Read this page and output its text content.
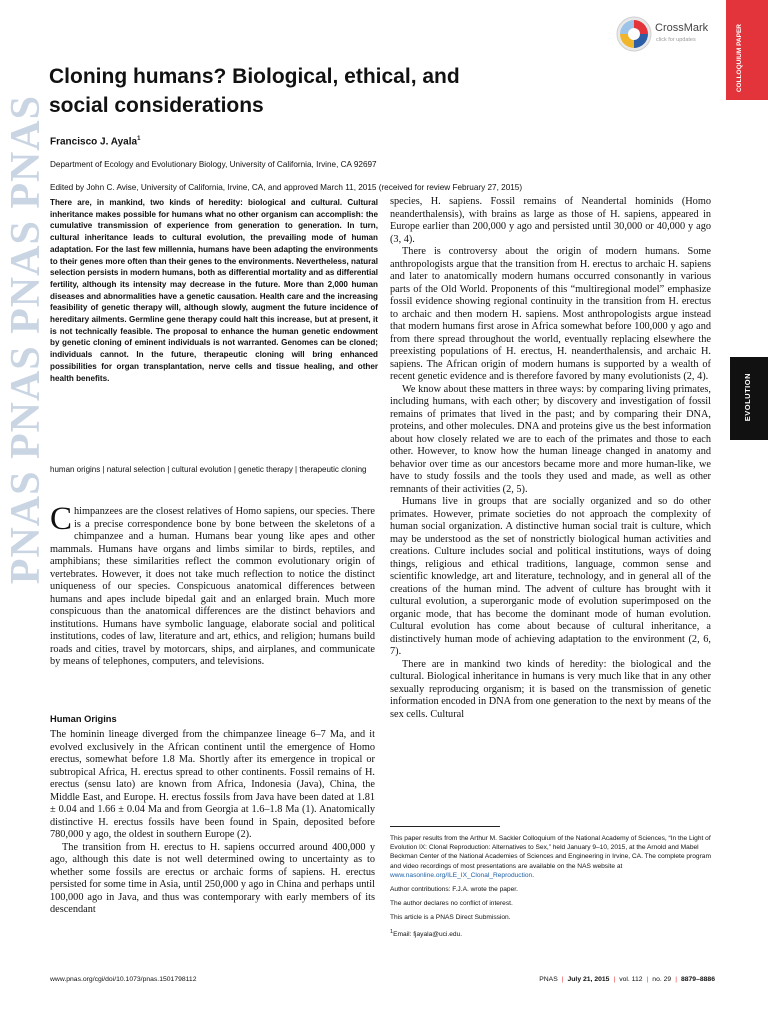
PNAS PNAS PNAS PNAS
COLLOQUIUM PAPER
CrossMark
click for updates
Cloning humans? Biological, ethical, and social considerations
Francisco J. Ayala$^1$
Department of Ecology and Evolutionary Biology, University of California, Irvine, CA 92697
Edited by John C. Avise, University of California, Irvine, CA, and approved March 11, 2015 (received for review February 27, 2015)

There are, in mankind, two kinds of heredity: biological and cultural. Cultural inheritance makes possible for humans what no other organism can accomplish: the cumulative transmission of experience from generation to generation. In turn, cultural inheritance leads to cultural evolution, the prevailing mode of human adaptation. For the last few millennia, humans have been adapting the environments to their genes more often than their genes to the environments. Nevertheless, natural selection persists in modern humans, both as differential mortality and as differential fertility, although its intensity may decrease in the future. More than 2,000 human diseases and abnormalities have a genetic causation. Health care and the increasing feasibility of genetic therapy will, although slowly, augment the future incidence of hereditary ailments. Germline gene therapy could halt this increase, but at present, it is not technically feasible. The proposal to enhance the human genetic endowment by genetic cloning of eminent individuals is not warranted. Genomes can be cloned; individuals cannot. In the future, therapeutic cloning will bring enhanced possibilities for organ transplantation, nerve cells and tissue healing, and other health benefits.

human origins | natural selection | cultural evolution | genetic therapy | therapeutic cloning

Chimpanzees are the closest relatives of Homo sapiens, our species. There is a precise correspondence bone by bone between the skeletons of a chimpanzee and a human. Humans bear young like apes and other mammals. Humans have organs and limbs similar to birds, reptiles, and amphibians; these similarities reflect the common evolutionary origin of vertebrates. However, it does not take much reflection to notice the distinct uniqueness of our species. Conspicuous anatomical differences between humans and apes include bipedal gait and an enlarged brain. Much more conspicuous than the anatomical differences are the distinct behaviors and institutions. Humans have symbolic language, elaborate social and political institutions, codes of law, literature and art, ethics, and religion; humans build roads and cities, travel by motorcars, ships, and airplanes, and communicate by means of telephones, computers, and televisions.

Human Origins

The hominin lineage diverged from the chimpanzee lineage 6–7 Ma, and it evolved exclusively in the African continent until the emergence of Homo erectus, somewhat before 1.8 Ma. Shortly after its emergence in tropical or subtropical Africa, H. erectus spread to other continents. Fossil remains of H. erectus (sensu lato) are known from Africa, Indonesia (Java), China, the Middle East, and Europe. H. erectus fossils from Java have been dated at 1.81 ± 0.04 and 1.66 ± 0.04 Ma and from Georgia at 1.6–1.8 Ma (1). Anatomically distinctive H. erectus fossils have been found in Spain, deposited before 780,000 y ago, the oldest in southern Europe (2).

The transition from H. erectus to H. sapiens occurred around 400,000 y ago, although this date is not well determined owing to uncertainty as to whether some fossils are erectus or archaic forms of sapiens. H. erectus persisted for some time in Asia, until 250,000 y ago in China and perhaps until 100,000 ago in Java, and thus was contemporary with early members of its descendant

species, H. sapiens. Fossil remains of Neandertal hominids (Homo neanderthalensis), with brains as large as those of H. sapiens, appeared in Europe earlier than 200,000 y ago and persisted until 30,000 or 40,000 y ago (3, 4).

There is controversy about the origin of modern humans. Some anthropologists argue that the transition from H. erectus to archaic H. sapiens and later to anatomically modern humans occurred consonantly in various parts of the Old World. Proponents of this “multiregional model” emphasize fossil evidence showing regional continuity in the transition from H. erectus to archaic and then modern H. sapiens. Most anthropologists argue instead that modern humans first arose in Africa somewhat before 100,000 y ago and from there spread throughout the world, eventually replacing elsewhere the preexisting populations of H. erectus, H. neanderthalensis, and archaic H. sapiens. The African origin of modern humans is supported by a wealth of recent genetic evidence and is therefore favored by many evolutionists (2, 4).

We know about these matters in three ways: by comparing living primates, including humans, with each other; by discovery and investigation of fossil remains of primates that lived in the past; and by comparing their DNA, proteins, and other molecules. DNA and proteins give us the best information about how closely related we are to each of the primates and those to each other. However, to know how the human lineage changed in anatomy and behavior over time as our ancestors became more and more human-like, we have to study fossils and the tools they used and made, as well as other remnants of their activities (2, 5).

Humans live in groups that are socially organized and so do other primates. However, primate societies do not approach the complexity of human social organization. A distinctive human social trait is culture, which may be understood as the set of nonstrictly biological human activities and creations. Culture includes social and political institutions, ways of doing things, religious and ethical traditions, language, common sense and scientific knowledge, art and literature, technology, and in general all of the creations of the human mind. The advent of culture has brought with it cultural evolution, a superorganic mode of evolution superimposed on the organic mode, that has become the dominant mode of human evolution. Cultural evolution has come about because of cultural inheritance, a distinctively human mode of achieving adaptation to the environment (2, 6, 7).

There are in mankind two kinds of heredity: the biological and the cultural. Biological inheritance in humans is very much like that in any other sexually reproducing organism; it is based on the transmission of genetic information encoded in DNA from one generation to the next by means of the sex cells. Cultural

EVOLUTION

This paper results from the Arthur M. Sackler Colloquium of the National Academy of Sciences, “In the Light of Evolution IX: Clonal Reproduction: Alternatives to Sex,” held January 9–10, 2015, at the Arnold and Mabel Beckman Center of the National Academies of Sciences and Engineering in Irvine, CA. The complete program and video recordings of most presentations are available on the NAS website at www.nasonline.org/ILE_IX_Clonal_Reproduction.

Author contributions: F.J.A. wrote the paper.

The author declares no conflict of interest.

This article is a PNAS Direct Submission.

$^1$Email: fjayala@uci.edu.

www.pnas.org/cgi/doi/10.1073/pnas.1501798112	PNAS | July 21, 2015 | vol. 112 | no. 29 | 8879–8886
